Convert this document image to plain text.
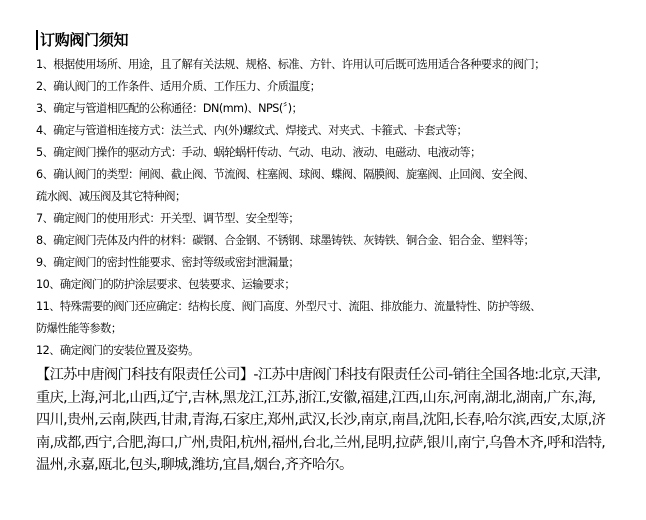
订购阀门须知

1、根据使用场所、用途，且了解有关法规、规格、标准、方针、许用认可后既可选用适合各种要求的阀门；

2、确认阀门的工作条件、适用介质、工作压力、介质温度；

3、确定与管道相匹配的公称通径：DN(mm)、NPS(〞)；

4、确定与管道相连接方式：法兰式、内(外)螺纹式、焊接式、对夹式、卡箍式、卡套式等；

5、确定阀门操作的驱动方式：手动、蜗轮蜗杆传动、气动、电动、液动、电磁动、电液动等；

6、确认阀门的类型：闸阀、截止阀、节流阀、柱塞阀、球阀、蝶阀、隔膜阀、旋塞阀、止回阀、安全阀、

疏水阀、减压阀及其它特种阀；

7、确定阀门的使用形式：开关型、调节型、安全型等；

8、确定阀门壳体及内件的材料：碳钢、合金钢、不锈钢、球墨铸铁、灰铸铁、铜合金、铝合金、塑料等；

9、确定阀门的密封性能要求、密封等级或密封泄漏量；

10、确定阀门的防护涂层要求、包装要求、运输要求；

11、特殊需要的阀门还应确定：结构长度、阀门高度、外型尺寸、流阻、排放能力、流量特性、防护等级、

防爆性能等参数；

12、确定阀门的安装位置及姿势。

【江苏中唐阀门科技有限责任公司】-江苏中唐阀门科技有限责任公司-销往全国各地:北京,天津,重庆,上海,河北,山西,辽宁,吉林,黑龙江,江苏,浙江,安徽,福建,江西,山东,河南,湖北,湖南,广东,海,四川,贵州,云南,陕西,甘肃,青海,石家庄,郑州,武汉,长沙,南京,南昌,沈阳,长春,哈尔滨,西安,太原,济南,成都,西宁,合肥,海口,广州,贵阳,杭州,福州,台北,兰州,昆明,拉萨,银川,南宁,乌鲁木齐,呼和浩特,温州,永嘉,瓯北,包头,聊城,潍坊,宜昌,烟台,齐齐哈尔。
